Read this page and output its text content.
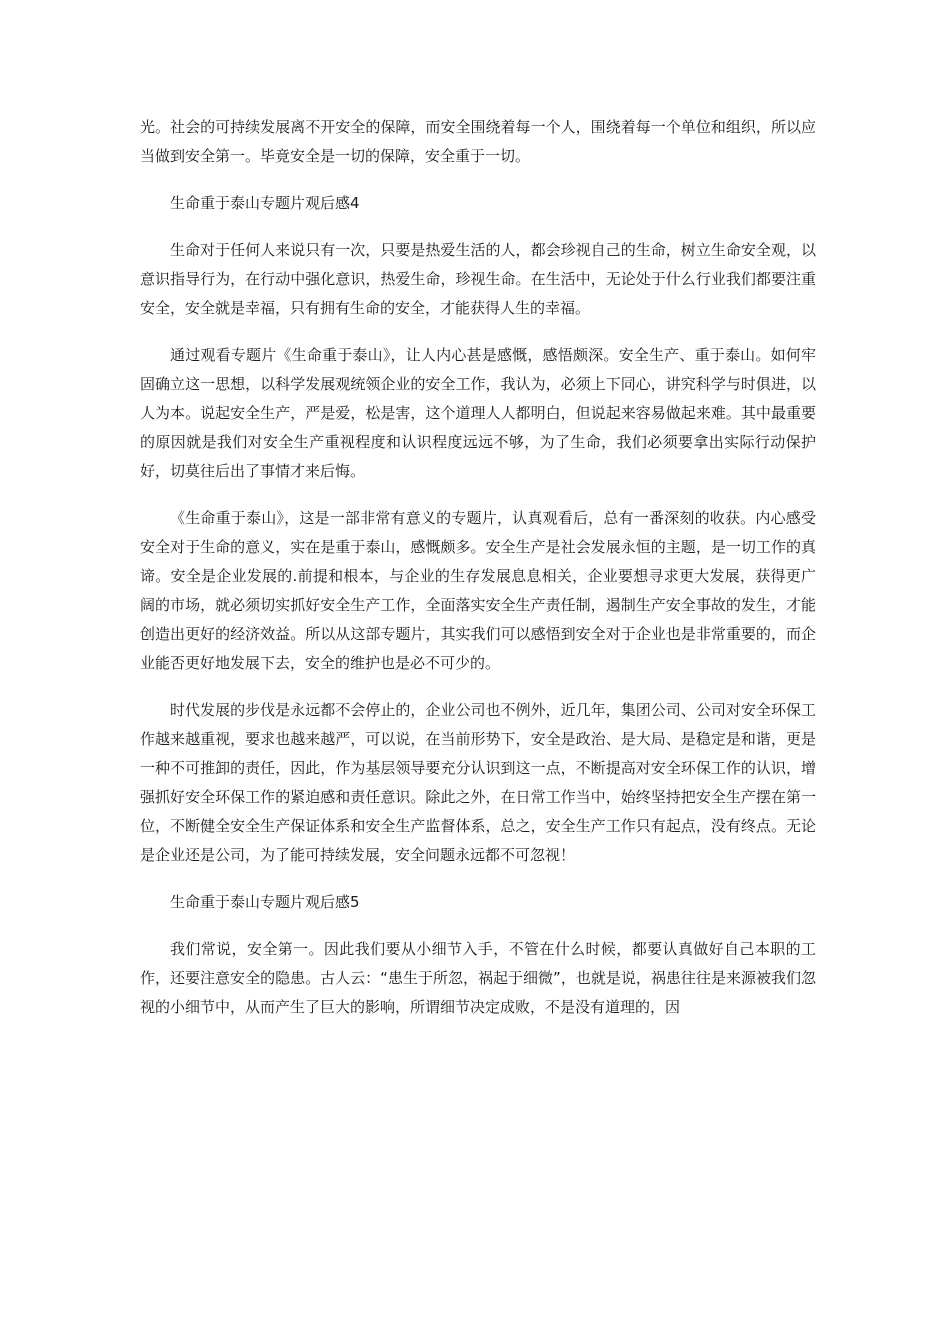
光。社会的可持续发展离不开安全的保障，而安全围绕着每一个人，围绕着每一个单位和组织，所以应当做到安全第一。毕竟安全是一切的保障，安全重于一切。

生命重于泰山专题片观后感4

生命对于任何人来说只有一次，只要是热爱生活的人，都会珍视自己的生命，树立生命安全观，以意识指导行为，在行动中强化意识，热爱生命，珍视生命。在生活中，无论处于什么行业我们都要注重安全，安全就是幸福，只有拥有生命的安全，才能获得人生的幸福。

通过观看专题片《生命重于泰山》，让人内心甚是感慨，感悟颇深。安全生产、重于泰山。如何牢固确立这一思想，以科学发展观统领企业的安全工作，我认为，必须上下同心，讲究科学与时俱进，以人为本。说起安全生产，严是爱，松是害，这个道理人人都明白，但说起来容易做起来难。其中最重要的原因就是我们对安全生产重视程度和认识程度远远不够，为了生命，我们必须要拿出实际行动保护好，切莫往后出了事情才来后悔。

《生命重于泰山》，这是一部非常有意义的专题片，认真观看后，总有一番深刻的收获。内心感受安全对于生命的意义，实在是重于泰山，感慨颇多。安全生产是社会发展永恒的主题，是一切工作的真谛。安全是企业发展的.前提和根本，与企业的生存发展息息相关，企业要想寻求更大发展，获得更广阔的市场，就必须切实抓好安全生产工作，全面落实安全生产责任制，遏制生产安全事故的发生，才能创造出更好的经济效益。所以从这部专题片，其实我们可以感悟到安全对于企业也是非常重要的，而企业能否更好地发展下去，安全的维护也是必不可少的。

时代发展的步伐是永远都不会停止的，企业公司也不例外，近几年，集团公司、公司对安全环保工作越来越重视，要求也越来越严，可以说，在当前形势下，安全是政治、是大局、是稳定是和谐，更是一种不可推卸的责任，因此，作为基层领导要充分认识到这一点，不断提高对安全环保工作的认识，增强抓好安全环保工作的紧迫感和责任意识。除此之外，在日常工作当中，始终坚持把安全生产摆在第一位，不断健全安全生产保证体系和安全生产监督体系，总之，安全生产工作只有起点，没有终点。无论是企业还是公司，为了能可持续发展，安全问题永远都不可忽视！

生命重于泰山专题片观后感5

我们常说，安全第一。因此我们要从小细节入手，不管在什么时候，都要认真做好自己本职的工作，还要注意安全的隐患。古人云：“患生于所忽，祸起于细微”，也就是说，祸患往往是来源被我们忽视的小细节中，从而产生了巨大的影响，所谓细节决定成败，不是没有道理的，因
